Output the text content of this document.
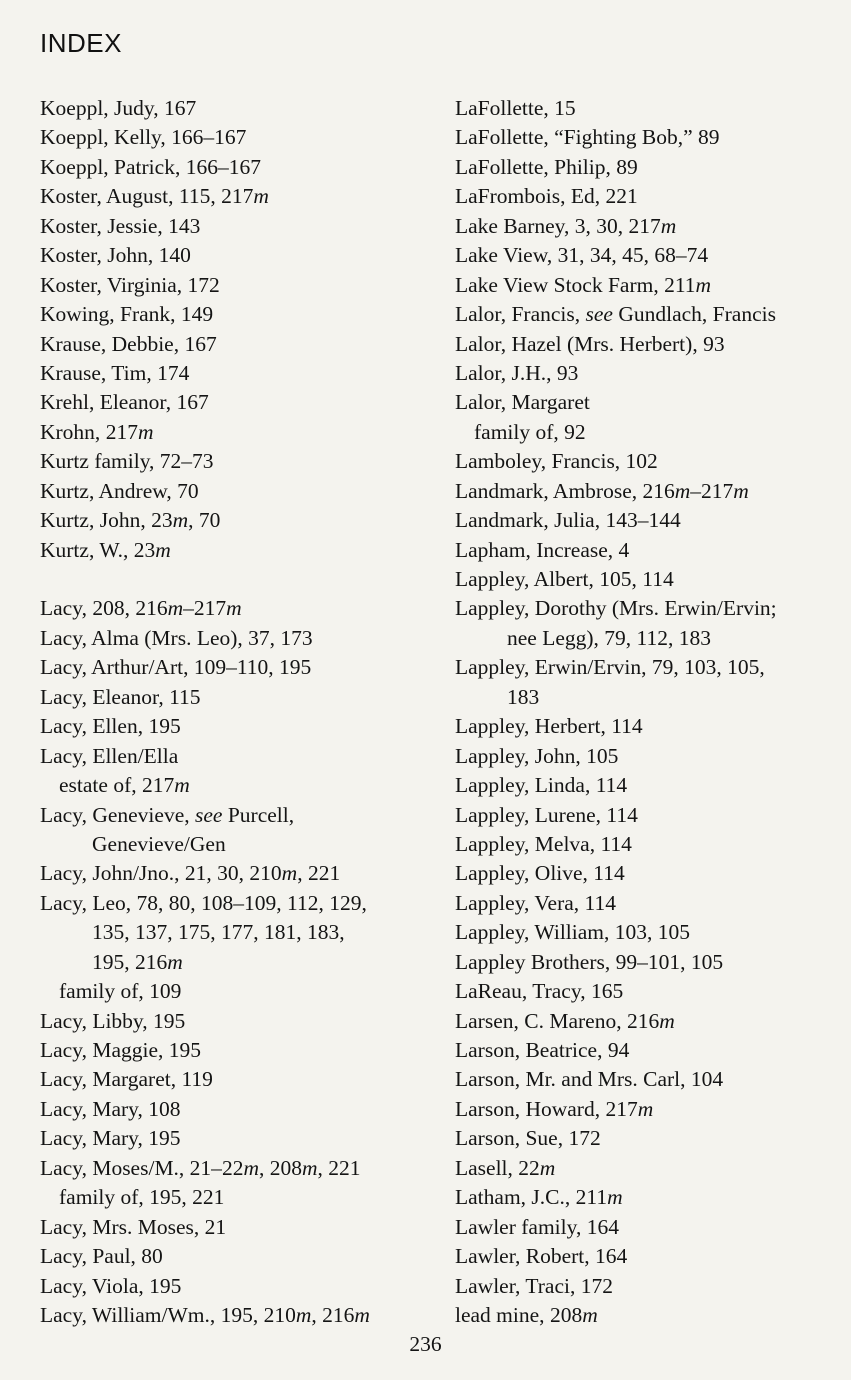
INDEX
Koeppl, Judy, 167
Koeppl, Kelly, 166–167
Koeppl, Patrick, 166–167
Koster, August, 115, 217m
Koster, Jessie, 143
Koster, John, 140
Koster, Virginia, 172
Kowing, Frank, 149
Krause, Debbie, 167
Krause, Tim, 174
Krehl, Eleanor, 167
Krohn, 217m
Kurtz family, 72–73
Kurtz, Andrew, 70
Kurtz, John, 23m, 70
Kurtz, W., 23m
Lacy, 208, 216m–217m
Lacy, Alma (Mrs. Leo), 37, 173
Lacy, Arthur/Art, 109–110, 195
Lacy, Eleanor, 115
Lacy, Ellen, 195
Lacy, Ellen/Ella
estate of, 217m
Lacy, Genevieve, see Purcell,
Genevieve/Gen
Lacy, John/Jno., 21, 30, 210m, 221
Lacy, Leo, 78, 80, 108–109, 112, 129,
135, 137, 175, 177, 181, 183,
195, 216m
family of, 109
Lacy, Libby, 195
Lacy, Maggie, 195
Lacy, Margaret, 119
Lacy, Mary, 108
Lacy, Mary, 195
Lacy, Moses/M., 21–22m, 208m, 221
family of, 195, 221
Lacy, Mrs. Moses, 21
Lacy, Paul, 80
Lacy, Viola, 195
Lacy, William/Wm., 195, 210m, 216m
LaFollette, 15
LaFollette, “Fighting Bob,” 89
LaFollette, Philip, 89
LaFrombois, Ed, 221
Lake Barney, 3, 30, 217m
Lake View, 31, 34, 45, 68–74
Lake View Stock Farm, 211m
Lalor, Francis, see Gundlach, Francis
Lalor, Hazel (Mrs. Herbert), 93
Lalor, J.H., 93
Lalor, Margaret
family of, 92
Lamboley, Francis, 102
Landmark, Ambrose, 216m–217m
Landmark, Julia, 143–144
Lapham, Increase, 4
Lappley, Albert, 105, 114
Lappley, Dorothy (Mrs. Erwin/Ervin;
nee Legg), 79, 112, 183
Lappley, Erwin/Ervin, 79, 103, 105,
183
Lappley, Herbert, 114
Lappley, John, 105
Lappley, Linda, 114
Lappley, Lurene, 114
Lappley, Melva, 114
Lappley, Olive, 114
Lappley, Vera, 114
Lappley, William, 103, 105
Lappley Brothers, 99–101, 105
LaReau, Tracy, 165
Larsen, C. Mareno, 216m
Larson, Beatrice, 94
Larson, Mr. and Mrs. Carl, 104
Larson, Howard, 217m
Larson, Sue, 172
Lasell, 22m
Latham, J.C., 211m
Lawler family, 164
Lawler, Robert, 164
Lawler, Traci, 172
lead mine, 208m
236
